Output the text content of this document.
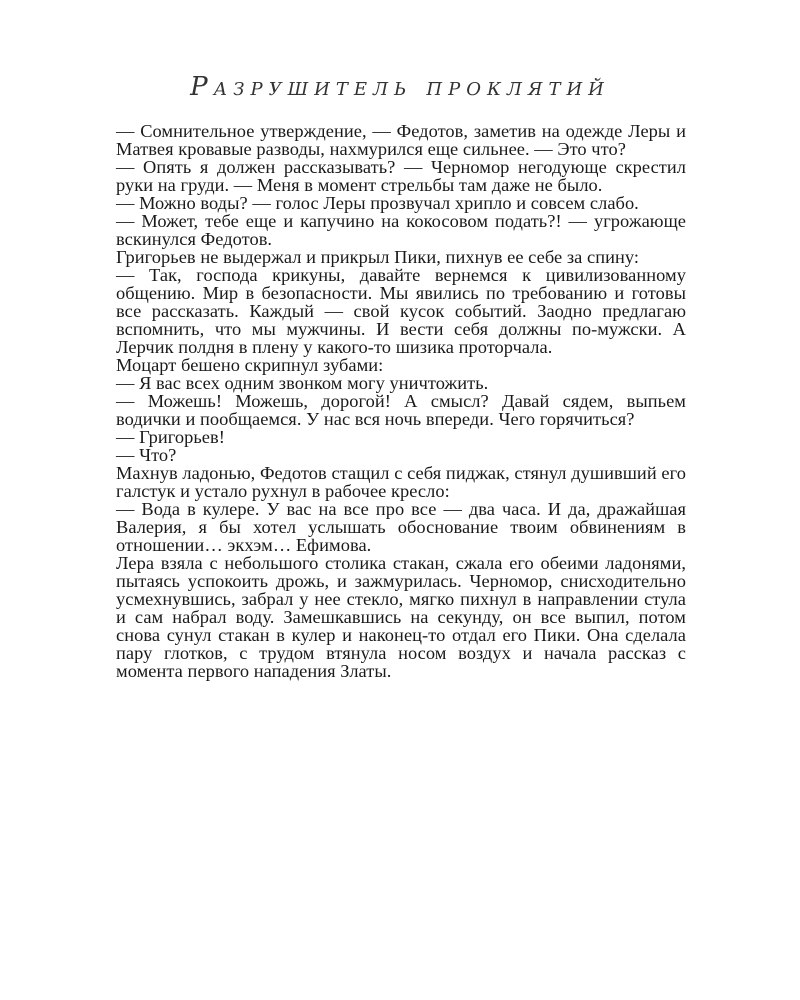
Разрушитель проклятий

— Сомнительное утверждение, — Федотов, заметив на одежде Леры и Матвея кровавые разводы, нахмурился еще сильнее. — Это что?

— Опять я должен рассказывать? — Черномор негодующе скрестил руки на груди. — Меня в момент стрельбы там даже не было.

— Можно воды? — голос Леры прозвучал хрипло и совсем слабо.

— Может, тебе еще и капучино на кокосовом подать?! — угрожающе вскинулся Федотов.

Григорьев не выдержал и прикрыл Пики, пихнув ее себе за спину:

— Так, господа крикуны, давайте вернемся к цивилизованному общению. Мир в безопасности. Мы явились по требованию и готовы все рассказать. Каждый — свой кусок событий. Заодно предлагаю вспомнить, что мы мужчины. И вести себя должны по-мужски. А Лерчик полдня в плену у какого-то шизика проторчала.

Моцарт бешено скрипнул зубами:

— Я вас всех одним звонком могу уничтожить.

— Можешь! Можешь, дорогой! А смысл? Давай сядем, выпьем водички и пообщаемся. У нас вся ночь впереди. Чего горячиться?

— Григорьев!

— Что?

Махнув ладонью, Федотов стащил с себя пиджак, стянул душивший его галстук и устало рухнул в рабочее кресло:

— Вода в кулере. У вас на все про все — два часа. И да, дражайшая Валерия, я бы хотел услышать обоснование твоим обвинениям в отношении… экхэм… Ефимова.

Лера взяла с небольшого столика стакан, сжала его обеими ладонями, пытаясь успокоить дрожь, и зажмурилась. Черномор, снисходительно усмехнувшись, забрал у нее стекло, мягко пихнул в направлении стула и сам набрал воду. Замешкавшись на секунду, он все выпил, потом снова сунул стакан в кулер и наконец-то отдал его Пики. Она сделала пару глотков, с трудом втянула носом воздух и начала рассказ с момента первого нападения Златы.
